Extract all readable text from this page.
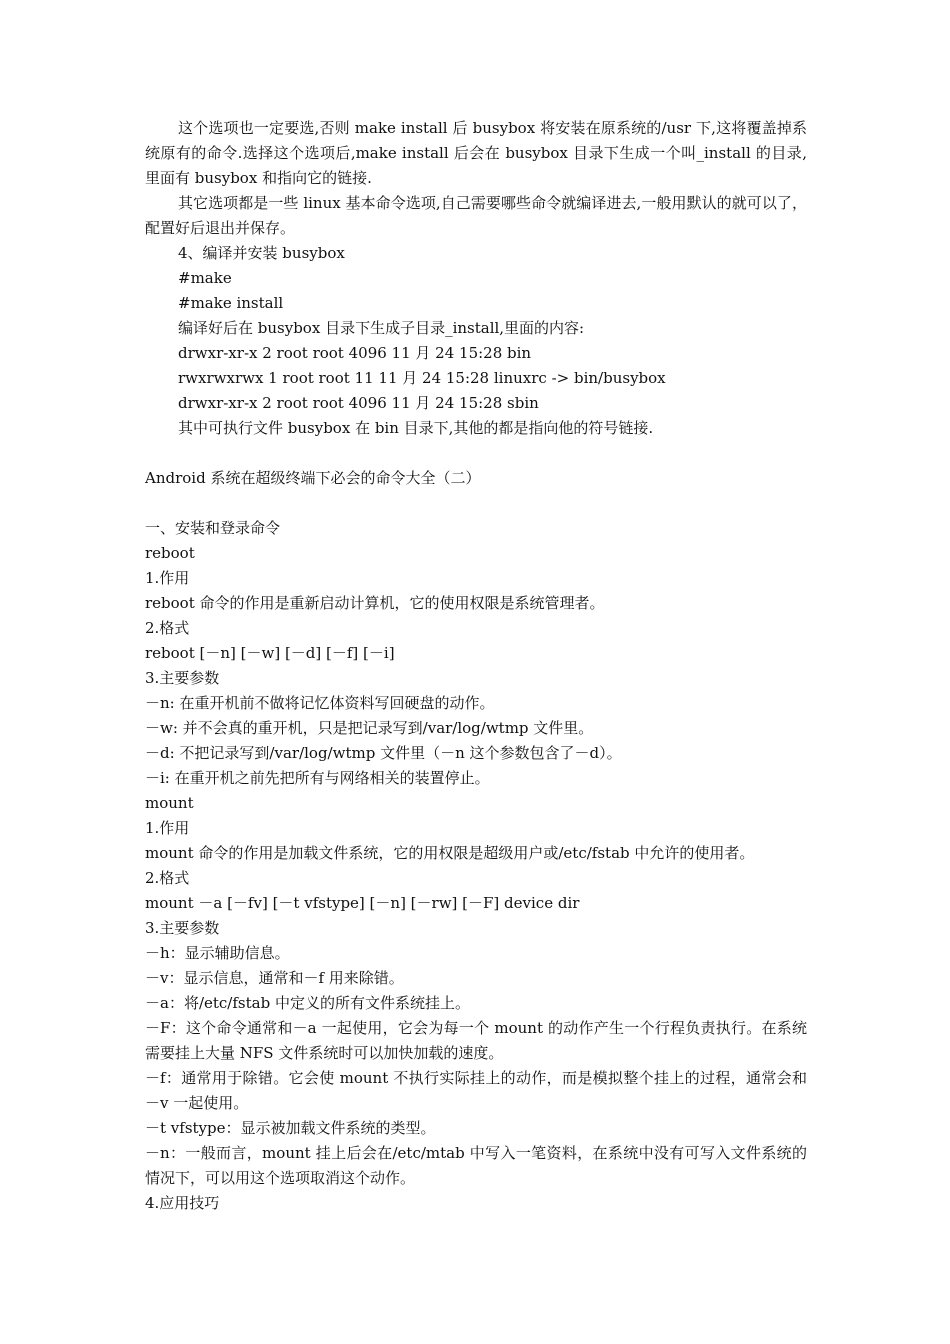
这个选项也一定要选,否则 make install 后 busybox 将安装在原系统的/usr 下,这将覆盖掉系统原有的命令.选择这个选项后,make install 后会在 busybox 目录下生成一个叫_install 的目录,里面有 busybox 和指向它的链接.

其它选项都是一些 linux 基本命令选项,自己需要哪些命令就编译进去,一般用默认的就可以了，配置好后退出并保存。

4、编译并安装 busybox

#make

#make install

编译好后在 busybox 目录下生成子目录_install,里面的内容:

drwxr-xr-x 2 root root 4096 11 月 24 15:28 bin

rwxrwxrwx 1 root root 11 11 月 24 15:28 linuxrc -> bin/busybox

drwxr-xr-x 2 root root 4096 11 月 24 15:28 sbin

其中可执行文件 busybox 在 bin 目录下,其他的都是指向他的符号链接.

Android 系统在超级终端下必会的命令大全（二）

一、安装和登录命令

reboot

1.作用

reboot 命令的作用是重新启动计算机，它的使用权限是系统管理者。

2.格式

reboot [－n] [－w] [－d] [－f] [－i]

3.主要参数

－n: 在重开机前不做将记忆体资料写回硬盘的动作。

－w: 并不会真的重开机，只是把记录写到/var/log/wtmp 文件里。

－d: 不把记录写到/var/log/wtmp 文件里（－n 这个参数包含了－d）。

－i: 在重开机之前先把所有与网络相关的装置停止。

mount

1.作用

mount 命令的作用是加载文件系统，它的用权限是超级用户或/etc/fstab 中允许的使用者。

2.格式

mount －a [－fv] [－t vfstype] [－n] [－rw] [－F] device dir

3.主要参数

－h：显示辅助信息。

－v：显示信息，通常和－f 用来除错。

－a：将/etc/fstab 中定义的所有文件系统挂上。

－F：这个命令通常和－a 一起使用，它会为每一个 mount 的动作产生一个行程负责执行。在系统需要挂上大量 NFS 文件系统时可以加快加载的速度。

－f：通常用于除错。它会使 mount 不执行实际挂上的动作，而是模拟整个挂上的过程，通常会和－v 一起使用。

－t vfstype：显示被加载文件系统的类型。

－n：一般而言，mount 挂上后会在/etc/mtab 中写入一笔资料，在系统中没有可写入文件系统的情况下，可以用这个选项取消这个动作。

4.应用技巧
